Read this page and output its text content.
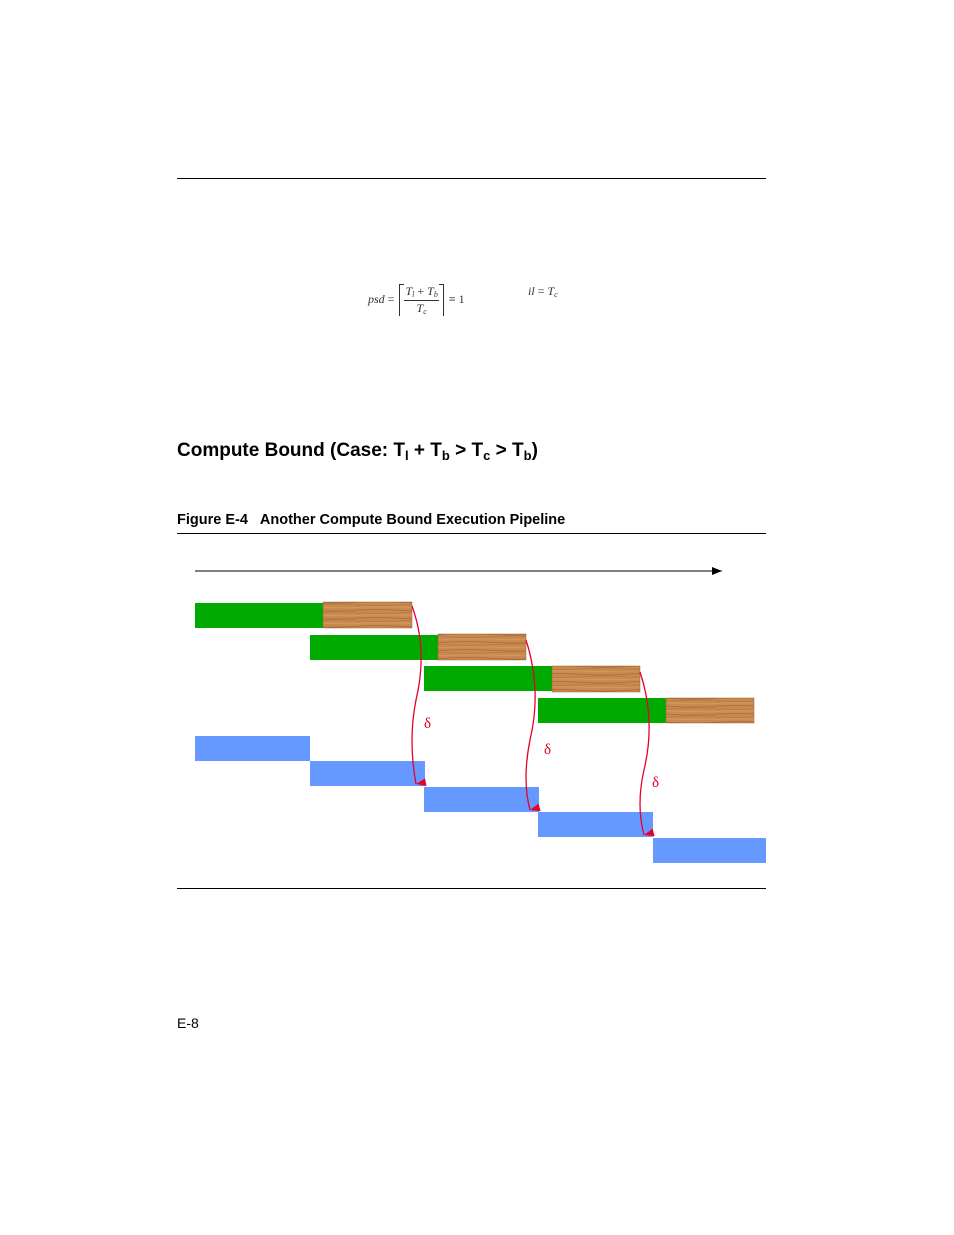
psd = $\frac{T_l + T_b}{T_c} \equiv 1$
il = $T_c$
Compute Bound (Case: $T_l + T_b > T_c > T_b$)
Figure E-4 Another Compute Bound Execution Pipeline
δ
δ
δ
E-8
